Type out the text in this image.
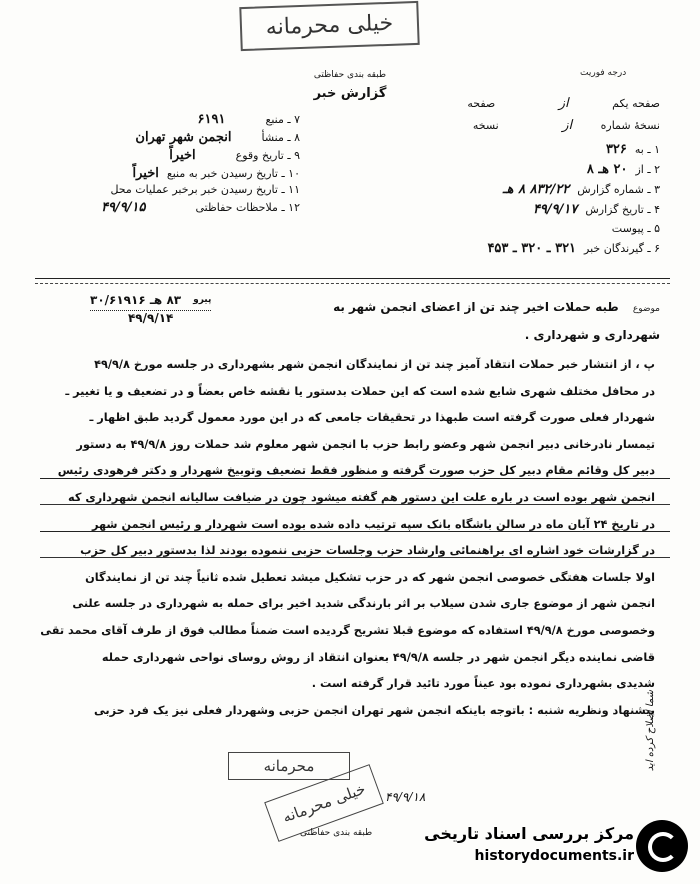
خیلی محرمانه
طبقه بندی حفاظتی
گزارش خبر
درجه فوریت
صفحه یکم از صفحه
نسخهٔ شماره از نسخه
۱ ـ به۳۲۶
۲ ـ از۲۰ هـ ۸
۳ ـ شماره گزارش۸۳۲/۲۲ ۸ هـ
۴ ـ تاریخ گزارش۴۹/۹/۱۷
۵ ـ پیوست
۶ ـ گیرندگان خبر۳۲۱ ـ ۳۲۰ ـ ۴۵۳
۷ ـ منبع۶۱۹۱
۸ ـ منشأانجمن شهر تهران
۹ ـ تاریخ وقوعاخیراً
۱۰ ـ تاریخ رسیدن خبر به منبعاخیراً
۱۱ ـ تاریخ رسیدن خبر برخبر عملیات محل
۱۲ ـ ملاحظات حفاظتی۴۹/۹/۱۵
موضوع طبه حملات اخیر چند تن از اعضای انجمن شهر به
شهرداری و شهرداری .
پیرو
۸۳ هـ ۳۰/۶۱۹۱۶
۴۹/۹/۱۴

پ ، از انتشار خبر حملات انتقاد آمیز چند تن از نمایندگان انجمن شهر بشهرداری در جلسه مورخ ۴۹/۹/۸

در محافل مختلف شهری شایع شده است که این حملات بدستور یا نقشه خاص بعضاً و در تضعیف و یا تغییر ـ

شهردار فعلی صورت گرفته است طبهذا در تحقیقات جامعی که در این مورد معمول گردید طبق اظهار ـ

تیمسار نادرخانی دبیر انجمن شهر وعضو رابط حزب با انجمن شهر معلوم شد حملات روز ۴۹/۹/۸ به دستور

دبیر کل وقائم مقام دبیر کل حزب صورت گرفته و منظور فقط تضعیف وتوبیخ شهردار و دکتر فرهودی رئیس

انجمن شهر بوده است در باره علت این دستور هم گفته میشود چون در ضیافت سالیانه انجمن شهرداری که

در تاریخ ۲۴ آبان ماه در سالن باشگاه بانک سپه ترتیب داده شده بوده است شهردار و رئیس انجمن شهر

در گزارشات خود اشاره ای براهنمائی وارشاد حزب وجلسات حزبی ننموده بودند لذا بدستور دبیر کل حزب

اولا جلسات هفتگی خصوصی انجمن شهر که در حزب تشکیل میشد تعطیل شده ثانیاً چند تن از نمایندگان

انجمن شهر از موضوع جاری شدن سیلاب بر اثر بارندگی شدید اخیر برای حمله به شهرداری در جلسه علنی

وخصوصی مورخ ۴۹/۹/۸ استفاده که موضوع قبلا تشریح گردیده است ضمناً مطالب فوق از طرف آقای محمد تقی

قاضی نماینده دیگر انجمن شهر در جلسه ۴۹/۹/۸ بعنوان انتقاد از روش روسای نواحی شهرداری حمله

شدیدی بشهرداری نموده بود عیناً مورد تائید قرار گرفته است .

پیشنهاد ونظریه شنبه : باتوجه باینکه انجمن شهر تهران انجمن حزبی وشهردار فعلی نیز یک فرد حزبی

شما اصلاح کرده اید
محرمانه
خیلی محرمانه	۴۹/۹/۱۸
طبقه بندی حفاظتی	مرکز بررسی اسناد تاریخی
historydocuments.ir
